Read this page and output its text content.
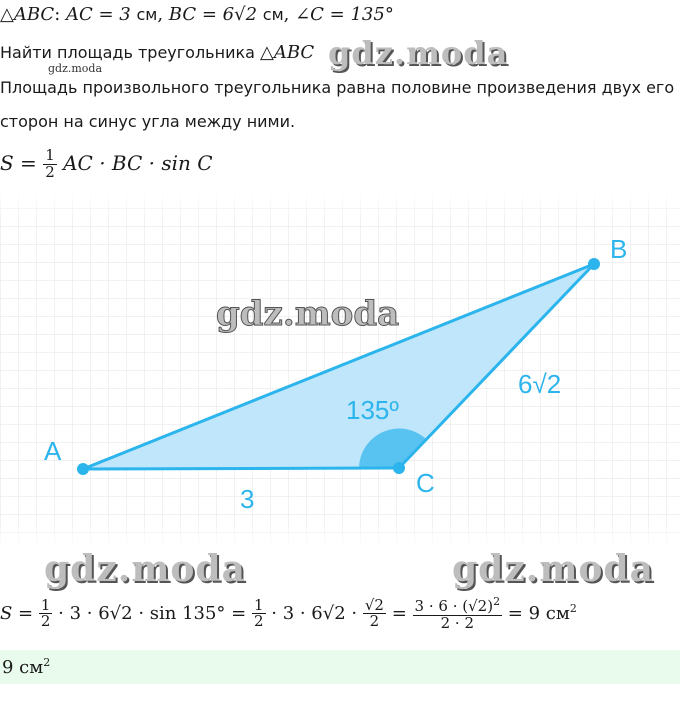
△ABC: AC = 3 см, BC = 6√2 см, ∠C = 135°
Найти площадь треугольника △ABC gdz.moda
gdz.moda
Площадь произвольного треугольника равна половине произведения двух его
сторон на синус угла между ними.
$S = \frac{1}{2}$ AC · BC · sin C
A
B
C
3
6√2
135º
gdz.moda
gdz.moda	gdz.moda
$S = \frac{1}{2} \cdot 3 \cdot 6√2 \cdot \sin 135^\circ = \frac{1}{2} \cdot 3 \cdot 6√2 \cdot \frac{√2}{2} = \frac{3 \cdot 6 \cdot (√2)^2}{2 \cdot 2} = 9$ $см^2$
9 $см^2$
